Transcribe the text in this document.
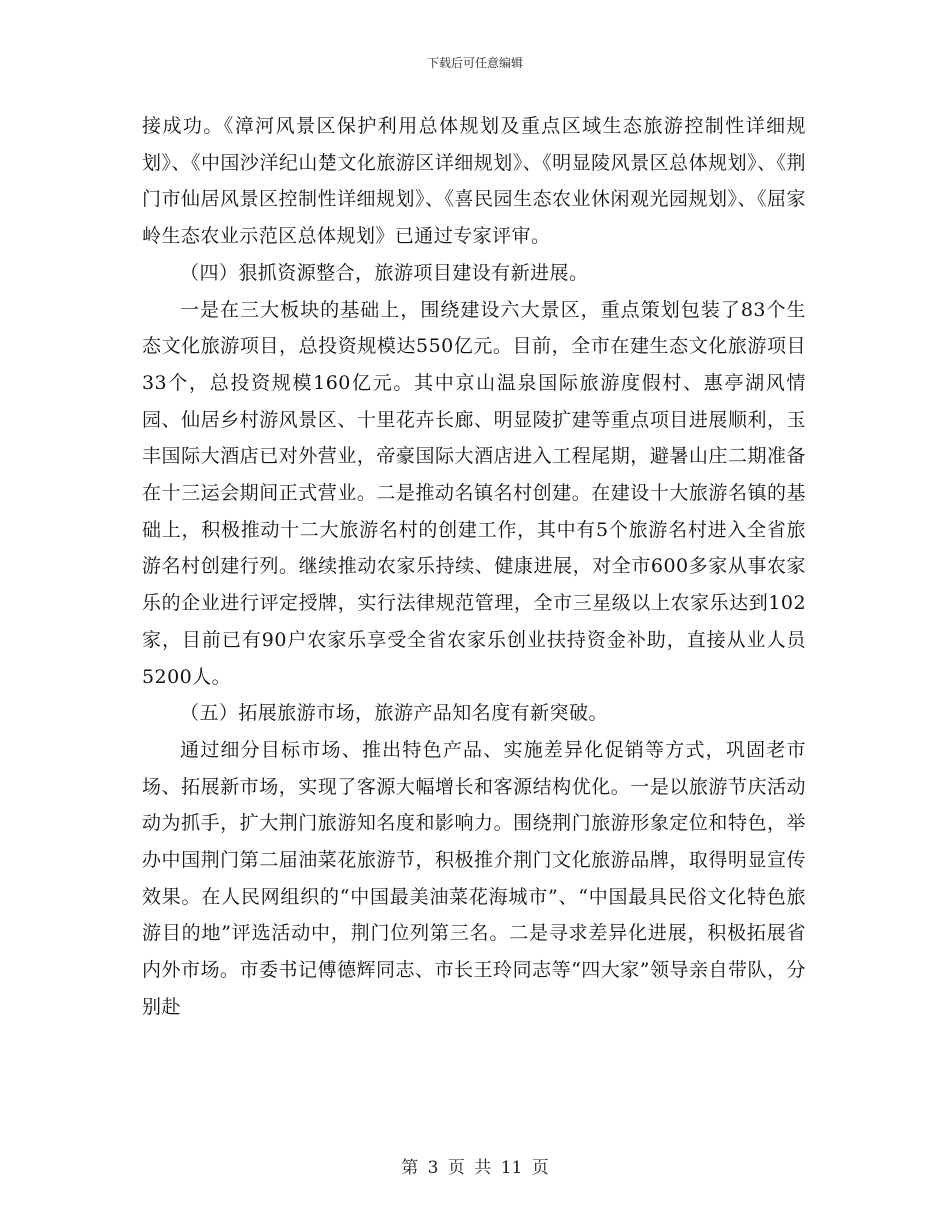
下载后可任意编辑

接成功。《漳河风景区保护利用总体规划及重点区域生态旅游控制性详细规划》、《中国沙洋纪山楚文化旅游区详细规划》、《明显陵风景区总体规划》、《荆门市仙居风景区控制性详细规划》、《喜民园生态农业休闲观光园规划》、《屈家岭生态农业示范区总体规划》已通过专家评审。

（四）狠抓资源整合，旅游项目建设有新进展。

一是在三大板块的基础上，围绕建设六大景区，重点策划包装了83个生态文化旅游项目，总投资规模达550亿元。目前，全市在建生态文化旅游项目33个，总投资规模160亿元。其中京山温泉国际旅游度假村、惠亭湖风情园、仙居乡村游风景区、十里花卉长廊、明显陵扩建等重点项目进展顺利，玉丰国际大酒店已对外营业，帝豪国际大酒店进入工程尾期，避暑山庄二期准备在十三运会期间正式营业。二是推动名镇名村创建。在建设十大旅游名镇的基础上，积极推动十二大旅游名村的创建工作，其中有5个旅游名村进入全省旅游名村创建行列。继续推动农家乐持续、健康进展，对全市600多家从事农家乐的企业进行评定授牌，实行法律规范管理，全市三星级以上农家乐达到102家，目前已有90户农家乐享受全省农家乐创业扶持资金补助，直接从业人员5200人。

（五）拓展旅游市场，旅游产品知名度有新突破。

通过细分目标市场、推出特色产品、实施差异化促销等方式，巩固老市场、拓展新市场，实现了客源大幅增长和客源结构优化。一是以旅游节庆活动动为抓手，扩大荆门旅游知名度和影响力。围绕荆门旅游形象定位和特色，举办中国荆门第二届油菜花旅游节，积极推介荆门文化旅游品牌，取得明显宣传效果。在人民网组织的“中国最美油菜花海城市”、“中国最具民俗文化特色旅游目的地”评选活动中，荆门位列第三名。二是寻求差异化进展，积极拓展省内外市场。市委书记傅德辉同志、市长王玲同志等“四大家”领导亲自带队，分别赴

第 3 页 共 11 页
